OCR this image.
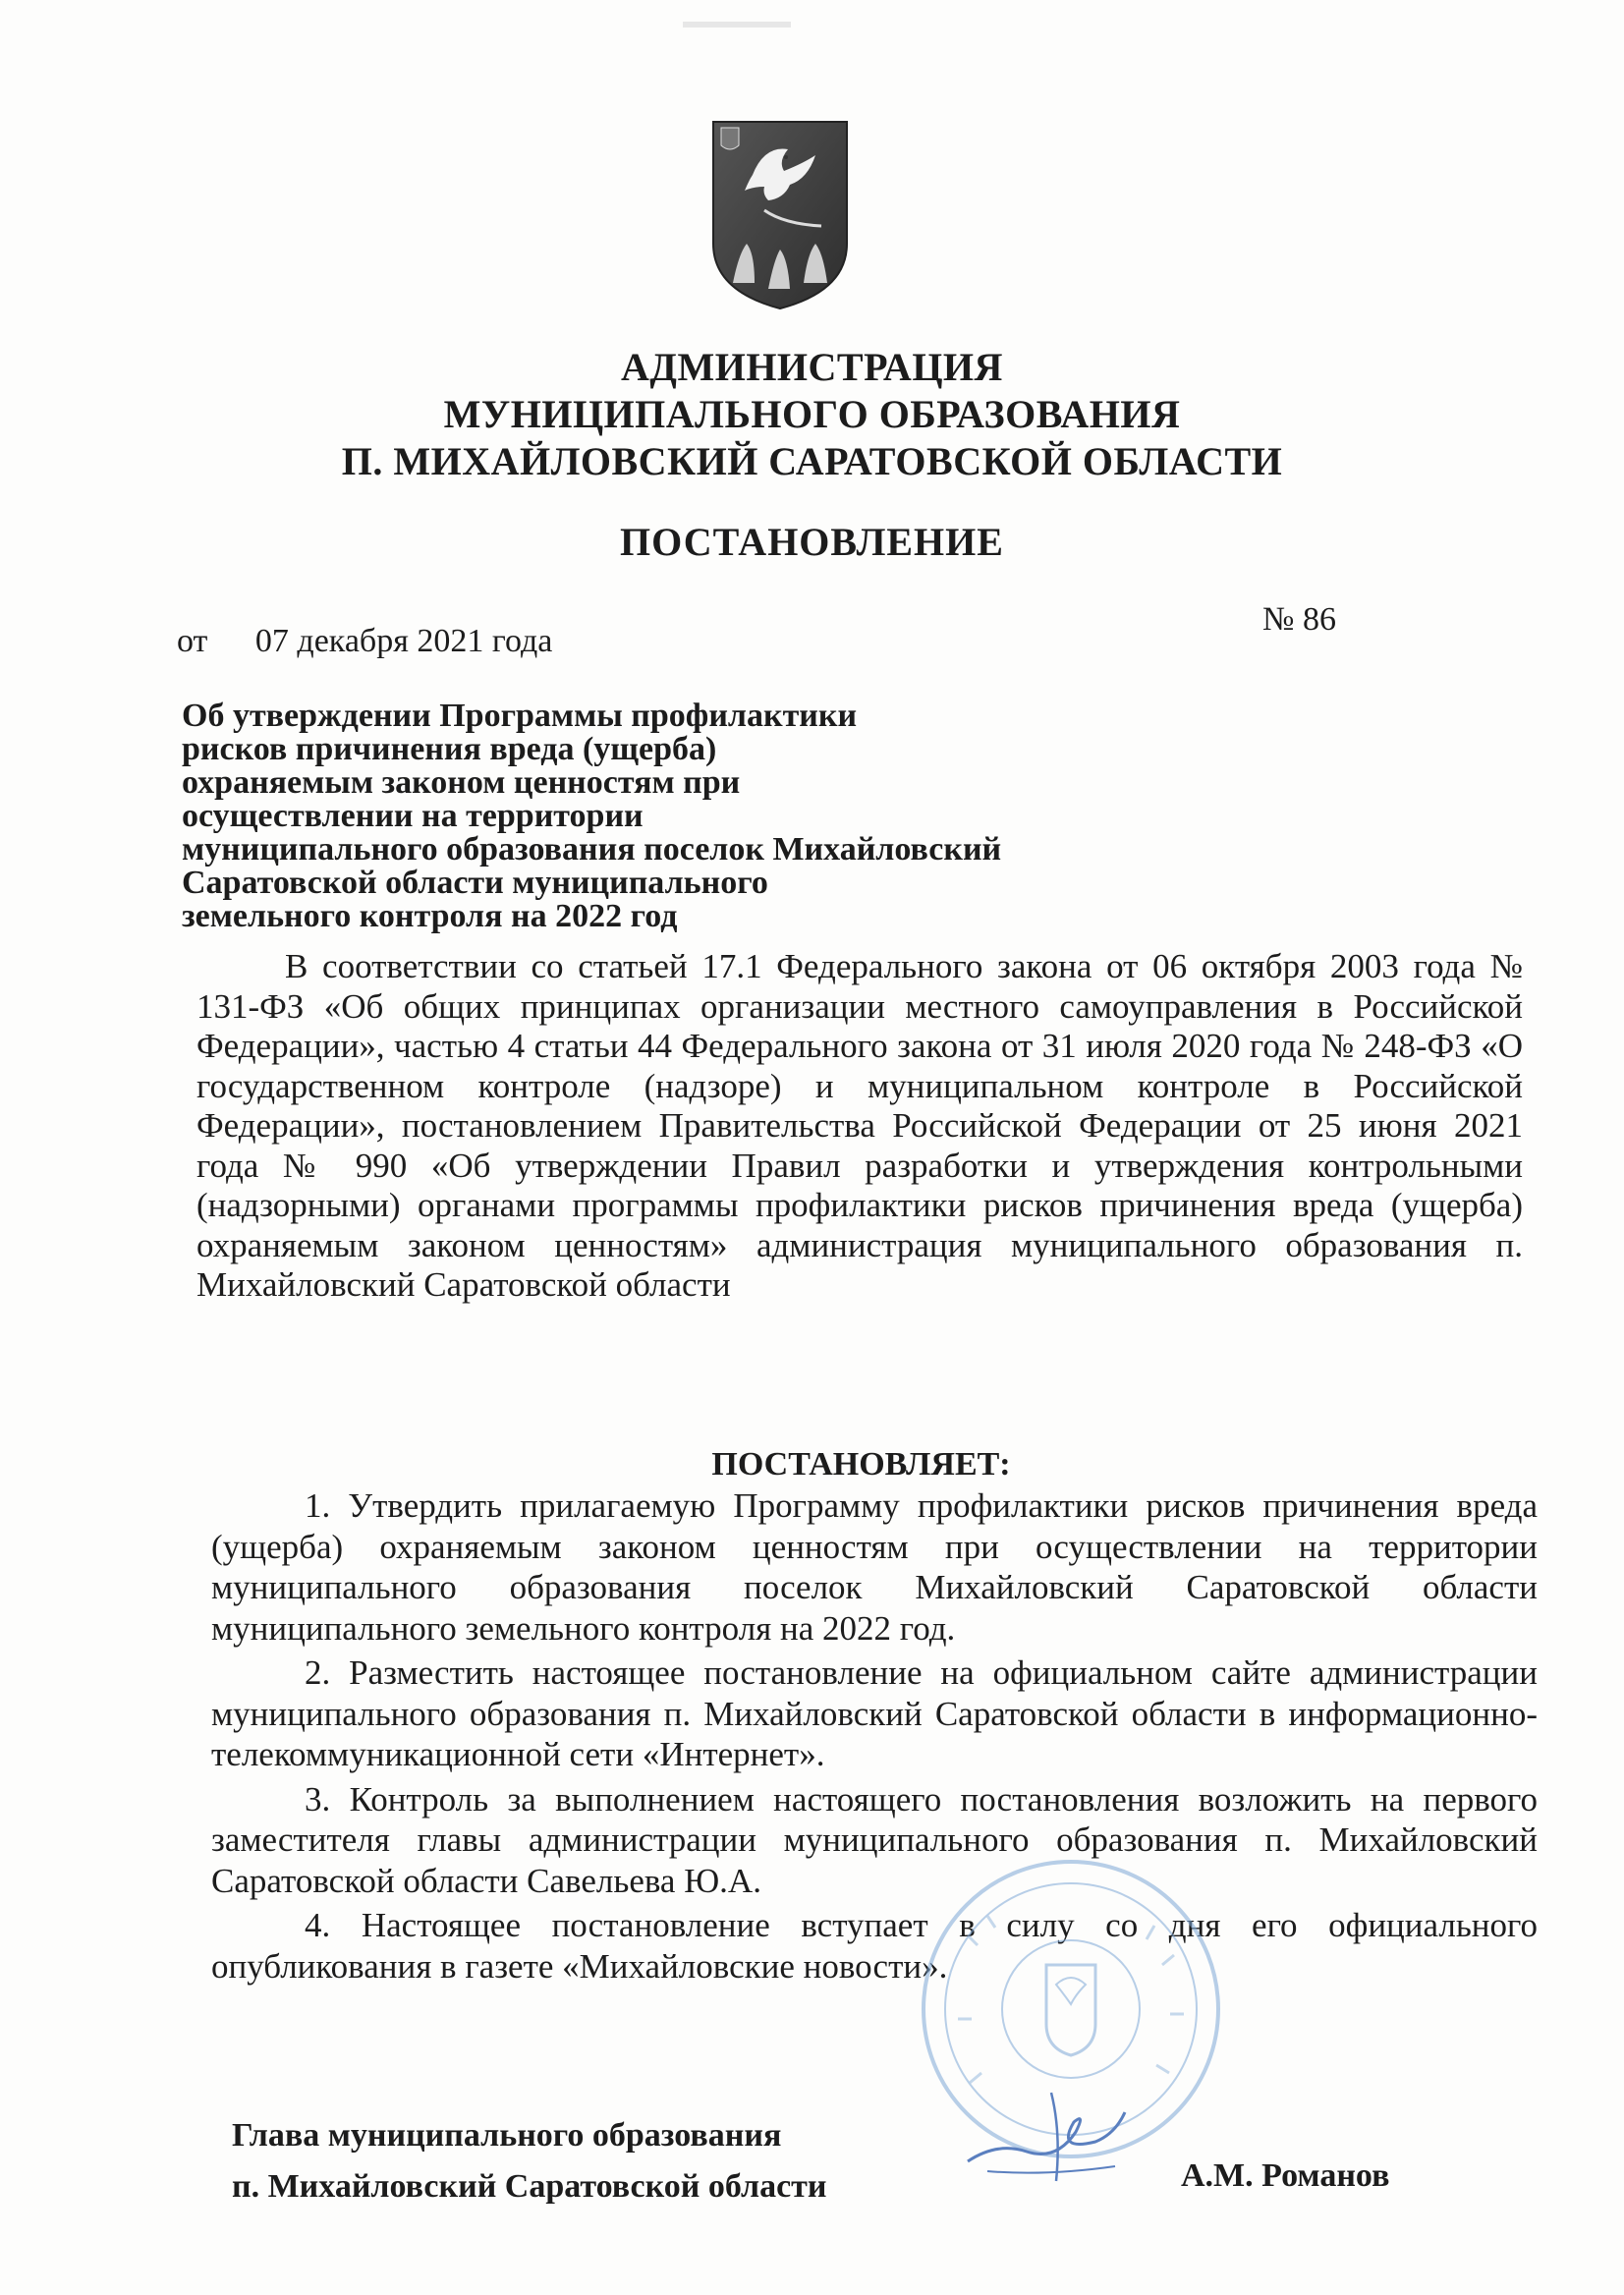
АДМИНИСТРАЦИЯ
МУНИЦИПАЛЬНОГО ОБРАЗОВАНИЯ
П. МИХАЙЛОВСКИЙ САРАТОВСКОЙ ОБЛАСТИ
ПОСТАНОВЛЕНИЕ
от 07 декабря 2021 года
№ 86
Об утверждении Программы профилактики
рисков причинения вреда (ущерба)
охраняемым законом ценностям при
осуществлении на территории
муниципального образования поселок Михайловский
Саратовской области муниципального
земельного контроля на 2022 год

В соответствии со статьей 17.1 Федерального закона от 06 октября 2003 года № 131-ФЗ «Об общих принципах организации местного самоуправления в Российской Федерации», частью 4 статьи 44 Федерального закона от 31 июля 2020 года № 248-ФЗ «О государственном контроле (надзоре) и муниципальном контроле в Российской Федерации», постановлением Правительства Российской Федерации от 25 июня 2021 года № 990 «Об утверждении Правил разработки и утверждения контрольными (надзорными) органами программы профилактики рисков причинения вреда (ущерба) охраняемым законом ценностям» администрация муниципального образования п. Михайловский Саратовской области

ПОСТАНОВЛЯЕТ:

1. Утвердить прилагаемую Программу профилактики рисков причинения вреда (ущерба) охраняемым законом ценностям при осуществлении на территории муниципального образования поселок Михайловский Саратовской области муниципального земельного контроля на 2022 год.

2. Разместить настоящее постановление на официальном сайте администрации муниципального образования п. Михайловский Саратовской области в информационно-телекоммуникационной сети «Интернет».

3. Контроль за выполнением настоящего постановления возложить на первого заместителя главы администрации муниципального образования п. Михайловский Саратовской области Савельева Ю.А.

4. Настоящее постановление вступает в силу со дня его официального опубликования в газете «Михайловские новости».

Глава муниципального образования
п. Михайловский Саратовской области	А.М. Романов
